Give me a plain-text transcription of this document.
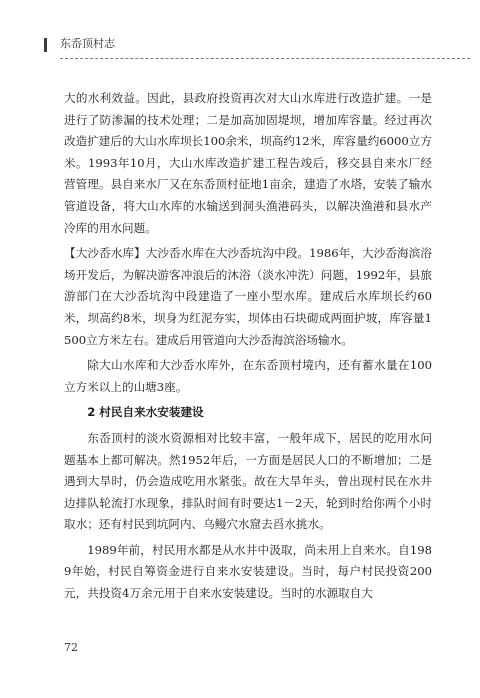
东岙顶村志

大的水利效益。因此，县政府投资再次对大山水库进行改造扩建。一是进行了防渗漏的技术处理；二是加高加固堤坝，增加库容量。经过再次改造扩建后的大山水库坝长100余米，坝高约12米，库容量约6000立方米。1993年10月，大山水库改造扩建工程告竣后，移交县自来水厂经营管理。县自来水厂又在东岙顶村征地1亩余，建造了水塔，安装了输水管道设备，将大山水库的水输送到洞头渔港码头，以解决渔港和县水产冷库的用水问题。

【大沙岙水库】大沙岙水库在大沙岙坑沟中段。1986年，大沙岙海滨浴场开发后，为解决游客冲浪后的沐浴（淡水冲洗）问题，1992年，县旅游部门在大沙岙坑沟中段建造了一座小型水库。建成后水库坝长约60米，坝高约8米，坝身为红泥夯实，坝体由石块砌成两面护坡，库容量1500立方米左右。建成后用管道向大沙岙海滨浴场输水。

除大山水库和大沙岙水库外，在东岙顶村境内，还有蓄水量在100立方米以上的山塘3座。

2 村民自来水安装建设

东岙顶村的淡水资源相对比较丰富，一般年成下，居民的吃用水问题基本上都可解决。然1952年后，一方面是居民人口的不断增加；二是遇到大旱时，仍会造成吃用水紧张。故在大旱年头，曾出现村民在水井边排队轮流打水现象，排队时间有时要达1－2天，轮到时给你两个小时取水；还有村民到坑阿内、乌鳗穴水窟去舀水挑水。

1989年前，村民用水都是从水井中汲取，尚未用上自来水。自1989年始，村民自筹资金进行自来水安装建设。当时，每户村民投资200元，共投资4万余元用于自来水安装建设。当时的水源取自大

72
